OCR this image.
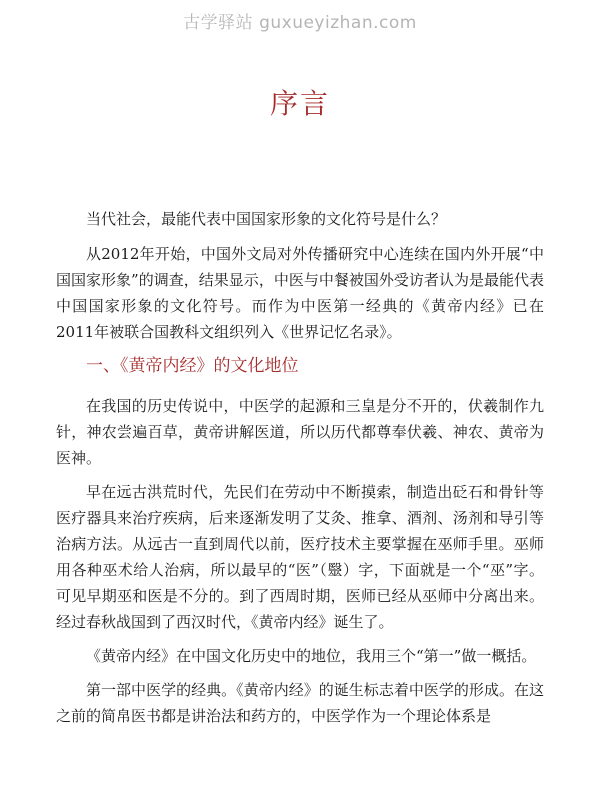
古学驿站 guxueyizhan.com
序言

当代社会，最能代表中国国家形象的文化符号是什么？

从2012年开始，中国外文局对外传播研究中心连续在国内外开展“中国国家形象”的调查，结果显示，中医与中餐被国外受访者认为是最能代表中国国家形象的文化符号。而作为中医第一经典的《黄帝内经》已在2011年被联合国教科文组织列入《世界记忆名录》。

一、《黄帝内经》的文化地位

在我国的历史传说中，中医学的起源和三皇是分不开的，伏羲制作九针，神农尝遍百草，黄帝讲解医道，所以历代都尊奉伏羲、神农、黄帝为医神。

早在远古洪荒时代，先民们在劳动中不断摸索，制造出砭石和骨针等医疗器具来治疗疾病，后来逐渐发明了艾灸、推拿、酒剂、汤剂和导引等治病方法。从远古一直到周代以前，医疗技术主要掌握在巫师手里。巫师用各种巫术给人治病，所以最早的“医”（毉）字，下面就是一个“巫”字。可见早期巫和医是不分的。到了西周时期，医师已经从巫师中分离出来。经过春秋战国到了西汉时代，《黄帝内经》诞生了。

《黄帝内经》在中国文化历史中的地位，我用三个“第一”做一概括。

第一部中医学的经典。《黄帝内经》的诞生标志着中医学的形成。在这之前的简帛医书都是讲治法和药方的，中医学作为一个理论体系是
